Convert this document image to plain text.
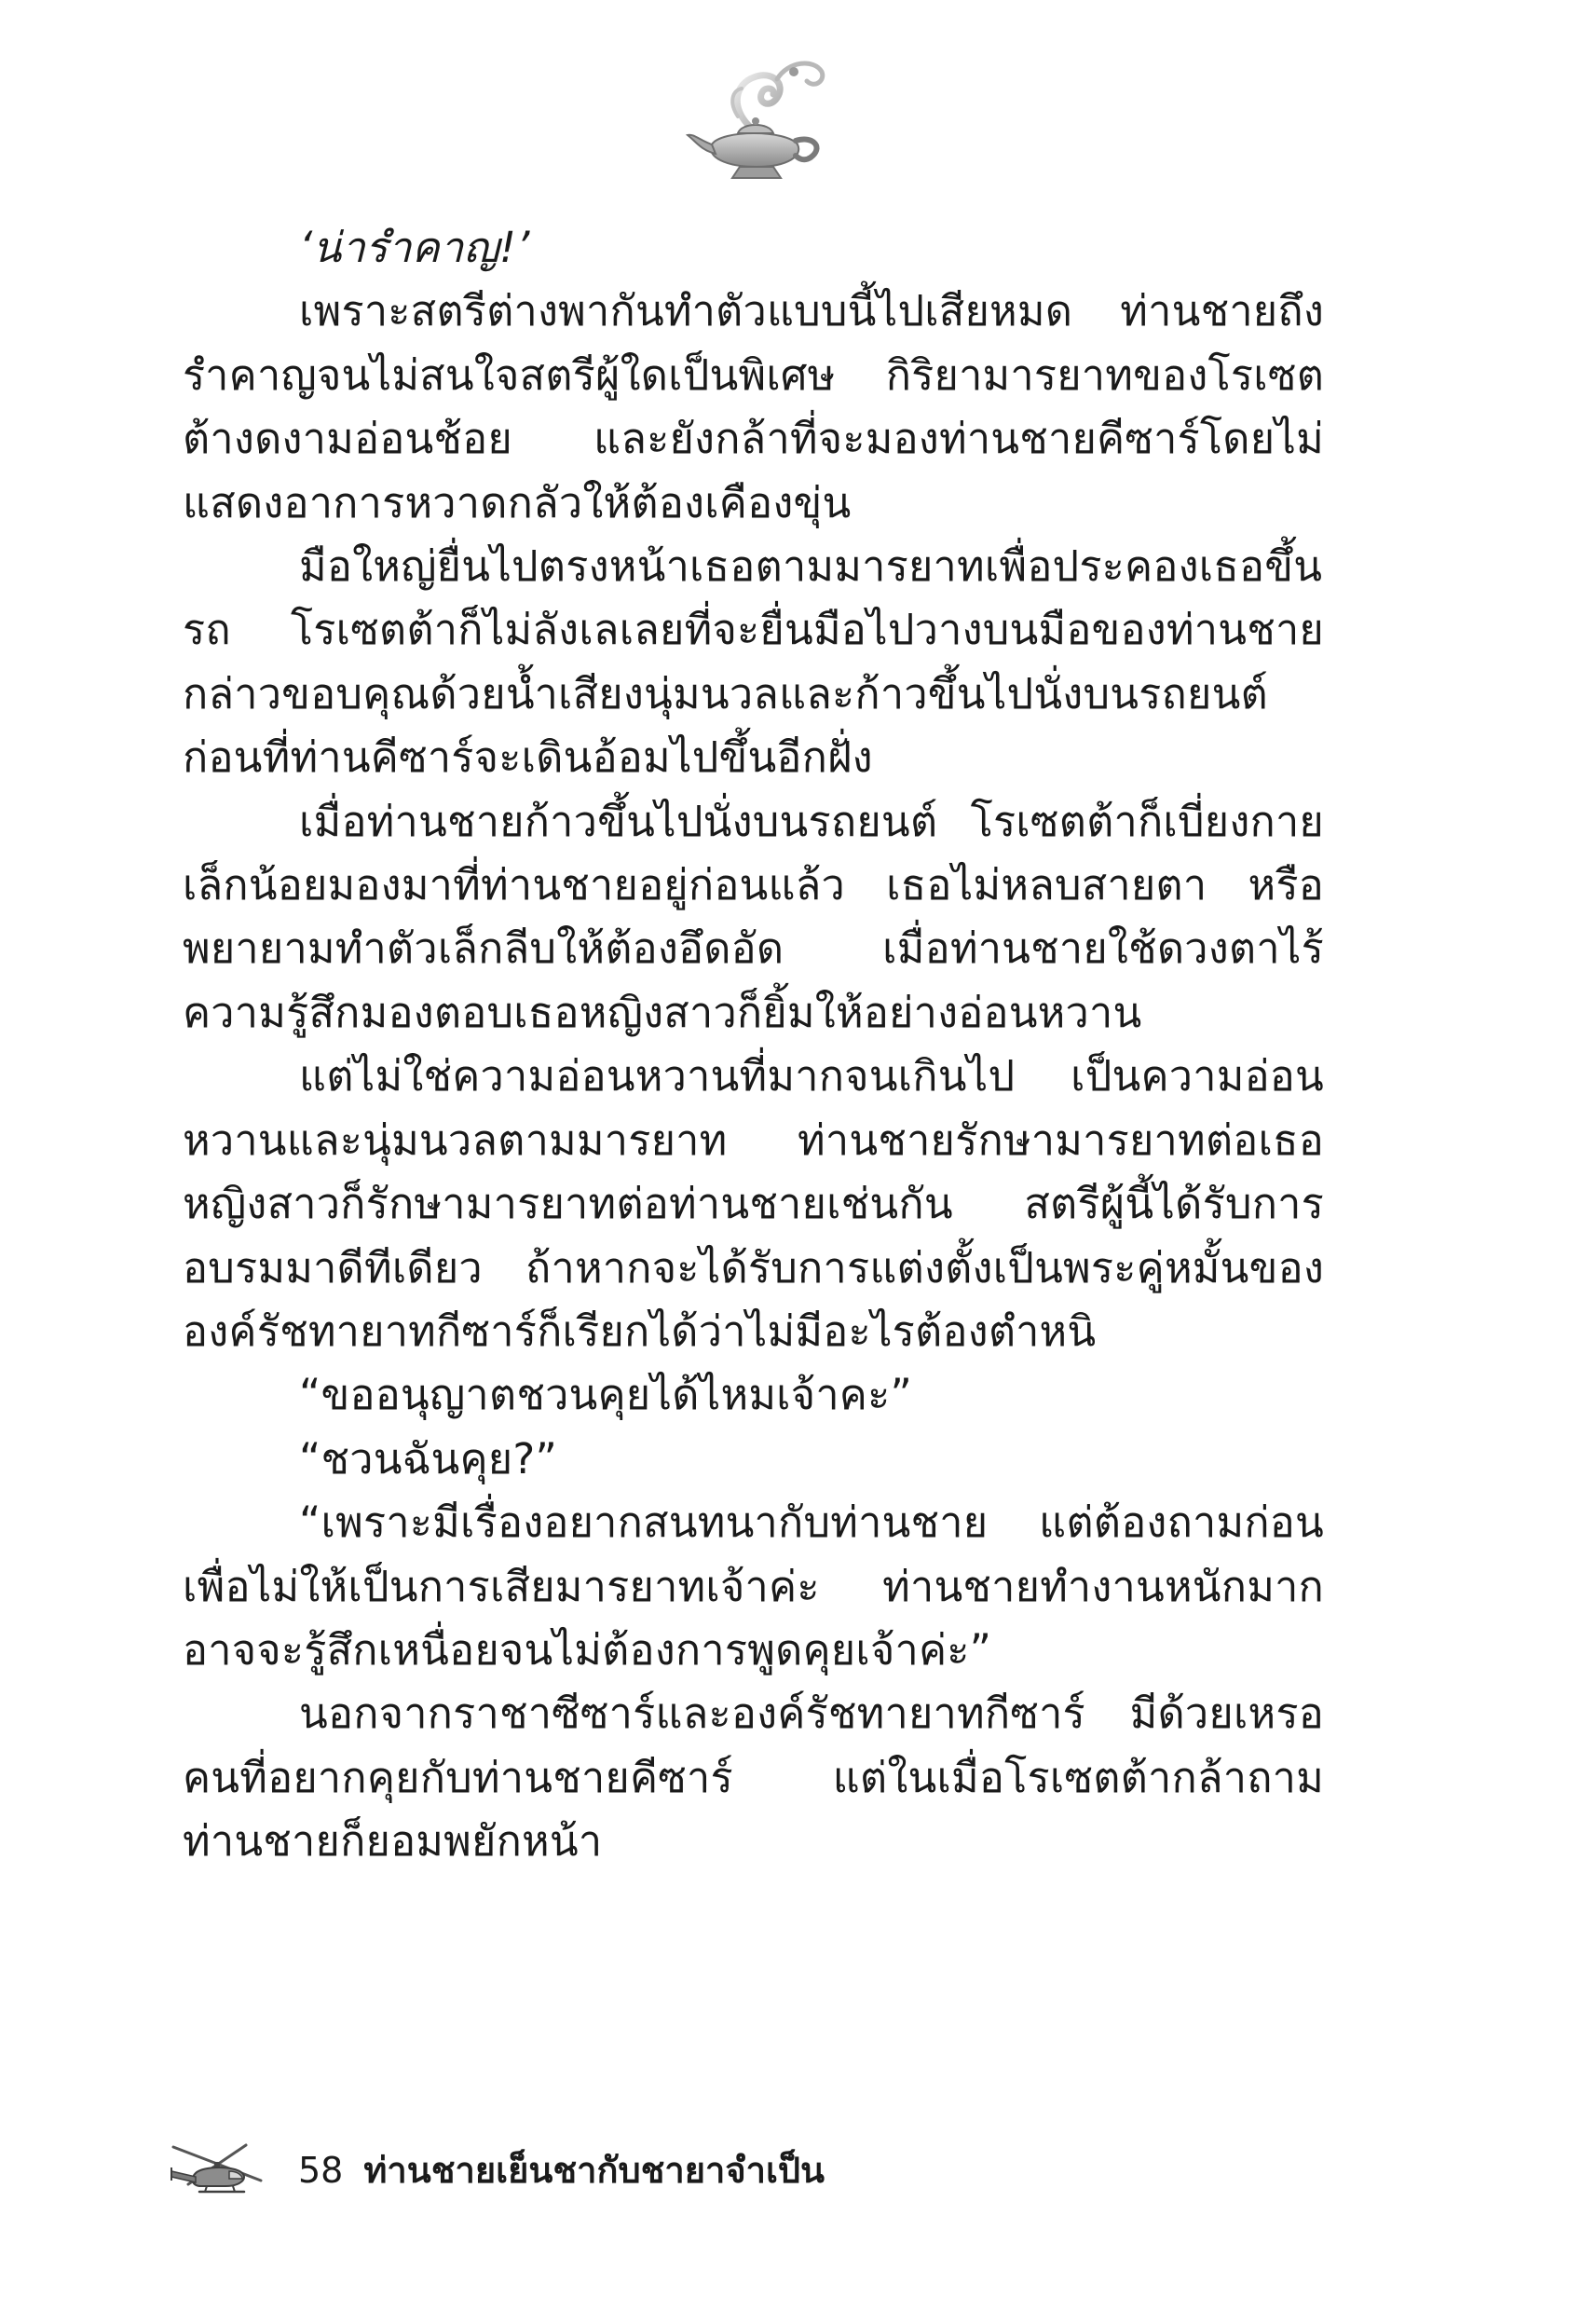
‘น่ารำคาญ!’

เพราะสตรีต่างพากันทำตัวแบบนี้ไปเสียหมด ท่านชายถึงรำคาญจนไม่สนใจสตรีผู้ใดเป็นพิเศษ กิริยามารยาทของโรเซตต้างดงามอ่อนช้อย และยังกล้าที่จะมองท่านชายคีซาร์โดยไม่แสดงอาการหวาดกลัวให้ต้องเคืองขุ่น

มือใหญ่ยื่นไปตรงหน้าเธอตามมารยาทเพื่อประคองเธอขึ้นรถ โรเซตต้าก็ไม่ลังเลเลยที่จะยื่นมือไปวางบนมือของท่านชาย กล่าวขอบคุณด้วยน้ำเสียงนุ่มนวลและก้าวขึ้นไปนั่งบนรถยนต์ ก่อนที่ท่านคีซาร์จะเดินอ้อมไปขึ้นอีกฝั่ง

เมื่อท่านชายก้าวขึ้นไปนั่งบนรถยนต์ โรเซตต้าก็เบี่ยงกายเล็กน้อยมองมาที่ท่านชายอยู่ก่อนแล้ว เธอไม่หลบสายตา หรือพยายามทำตัวเล็กลีบให้ต้องอึดอัด เมื่อท่านชายใช้ดวงตาไร้ความรู้สึกมองตอบเธอหญิงสาวก็ยิ้มให้อย่างอ่อนหวาน

แต่ไม่ใช่ความอ่อนหวานที่มากจนเกินไป เป็นความอ่อนหวานและนุ่มนวลตามมารยาท ท่านชายรักษามารยาทต่อเธอ หญิงสาวก็รักษามารยาทต่อท่านชายเช่นกัน สตรีผู้นี้ได้รับการอบรมมาดีทีเดียว ถ้าหากจะได้รับการแต่งตั้งเป็นพระคู่หมั้นขององค์รัชทายาทกีซาร์ก็เรียกได้ว่าไม่มีอะไรต้องตำหนิ

“ขออนุญาตชวนคุยได้ไหมเจ้าคะ”

“ชวนฉันคุย?”

“เพราะมีเรื่องอยากสนทนากับท่านชาย แต่ต้องถามก่อนเพื่อไม่ให้เป็นการเสียมารยาทเจ้าค่ะ ท่านชายทำงานหนักมาก อาจจะรู้สึกเหนื่อยจนไม่ต้องการพูดคุยเจ้าค่ะ”

นอกจากราชาซีซาร์และองค์รัชทายาทกีซาร์ มีด้วยเหรอคนที่อยากคุยกับท่านชายคีซาร์ แต่ในเมื่อโรเซตต้ากล้าถาม ท่านชายก็ยอมพยักหน้า

58 ท่านชายเย็นชากับชายาจำเป็น
